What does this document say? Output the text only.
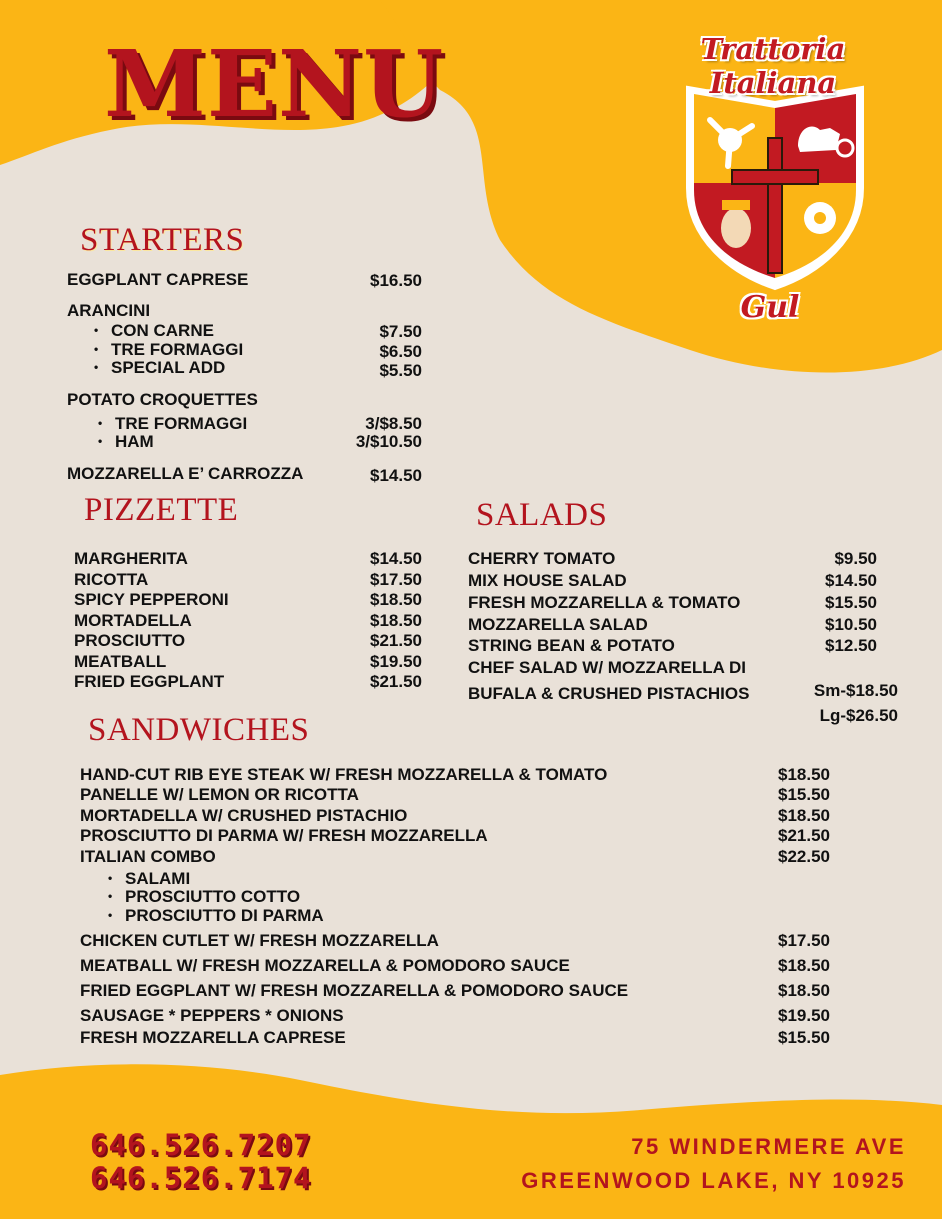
MENU	Trattoria Italiana
Gul
STARTERS
EGGPLANT CAPRESE	$16.50
ARANCINI
• CON CARNE	$7.50
• TRE FORMAGGI	$6.50
• SPECIAL ADD	$5.50
POTATO CROQUETTES
• TRE FORMAGGI	3/$8.50
• HAM	3/$10.50
MOZZARELLA E’ CARROZZA	$14.50
PIZZETTE
MARGHERITA	$14.50
RICOTTA	$17.50
SPICY PEPPERONI	$18.50
MORTADELLA	$18.50
PROSCIUTTO	$21.50
MEATBALL	$19.50
FRIED EGGPLANT	$21.50
SALADS
CHERRY TOMATO	$9.50
MIX HOUSE SALAD	$14.50
FRESH MOZZARELLA & TOMATO	$15.50
MOZZARELLA SALAD	$10.50
STRING BEAN & POTATO	$12.50
CHEF SALAD W/ MOZZARELLA DI
BUFALA & CRUSHED PISTACHIOS	Sm-$18.50
Lg-$26.50
SANDWICHES
HAND-CUT RIB EYE STEAK W/ FRESH MOZZARELLA & TOMATO	$18.50
PANELLE W/ LEMON OR RICOTTA	$15.50
MORTADELLA W/ CRUSHED PISTACHIO	$18.50
PROSCIUTTO DI PARMA W/ FRESH MOZZARELLA	$21.50
ITALIAN COMBO	$22.50
• SALAMI
• PROSCIUTTO COTTO
• PROSCIUTTO DI PARMA
CHICKEN CUTLET W/ FRESH MOZZARELLA	$17.50
MEATBALL W/ FRESH MOZZARELLA & POMODORO SAUCE	$18.50
FRIED EGGPLANT W/ FRESH MOZZARELLA & POMODORO SAUCE	$18.50
SAUSAGE * PEPPERS * ONIONS	$19.50
FRESH MOZZARELLA CAPRESE	$15.50
646.526.7207
646.526.7174
75 WINDERMERE AVE
GREENWOOD LAKE, NY 10925
